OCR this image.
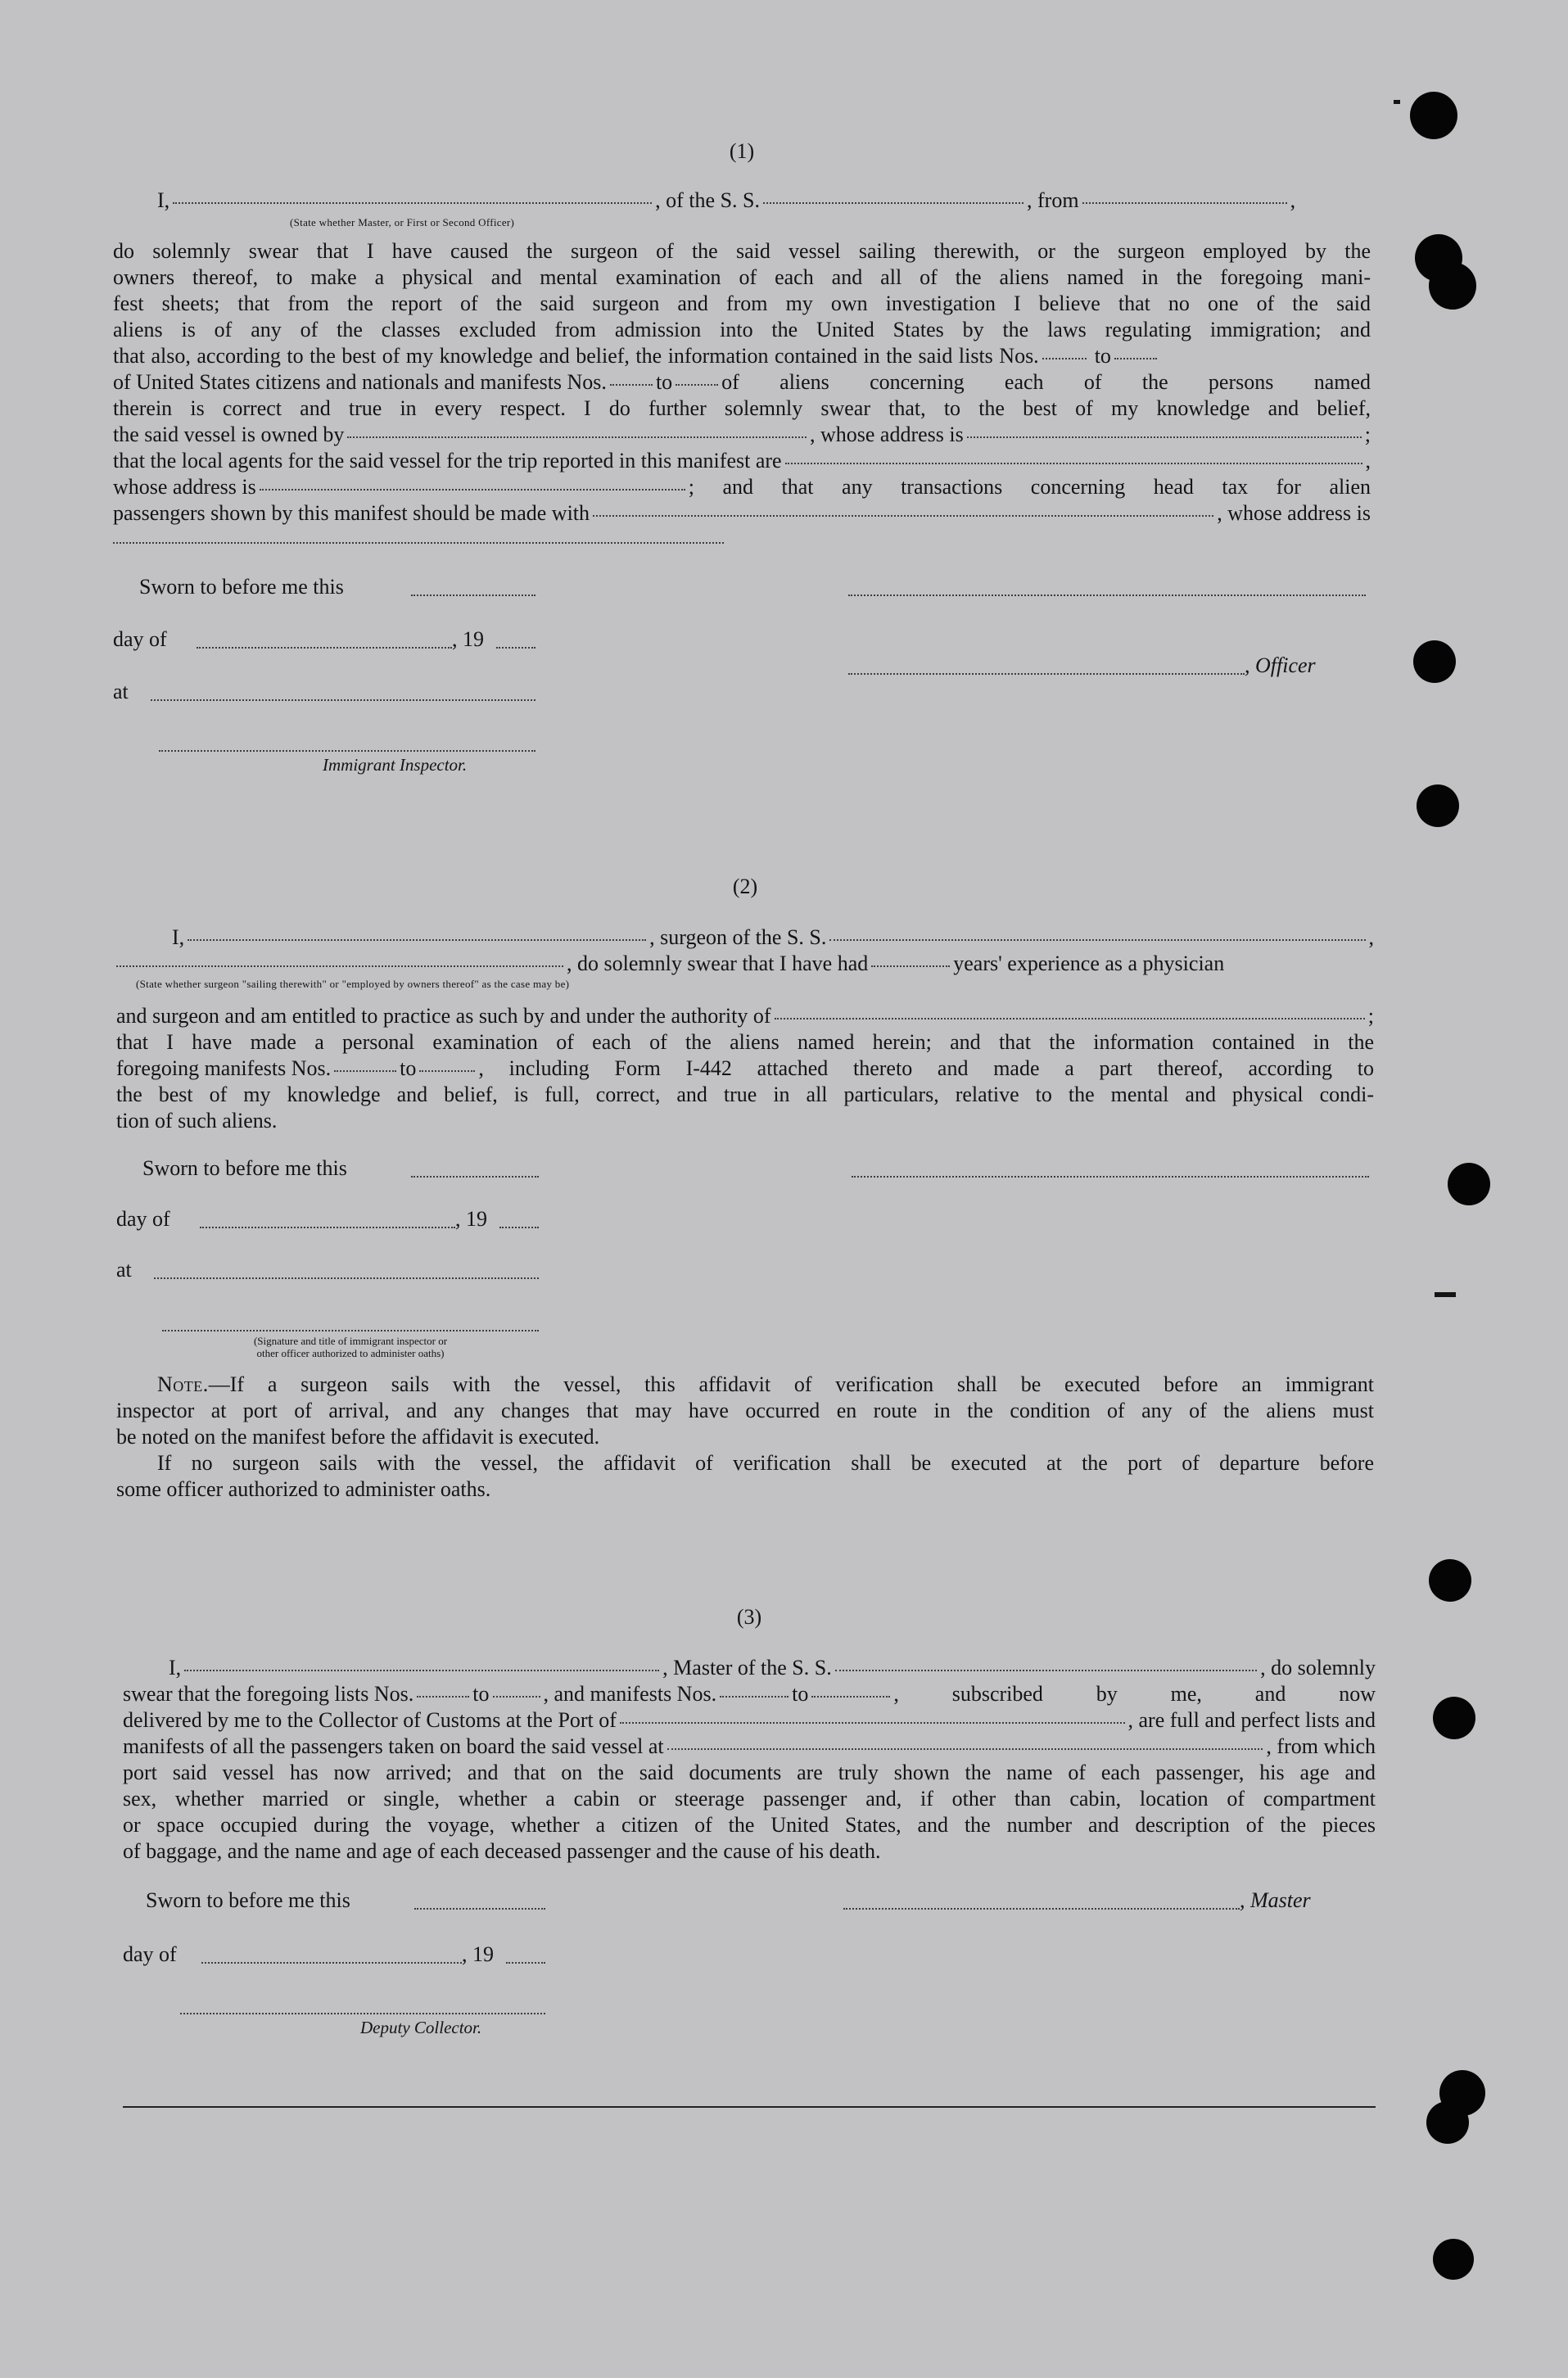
(1)
I,	, of the S. S.	, from	,
(State whether Master, or First or Second Officer)
do solemnly swear that I have caused the surgeon of the said vessel sailing therewith, or the surgeon employed by the
owners thereof, to make a physical and mental examination of each and all of the aliens named in the foregoing mani-
fest sheets; that from the report of the said surgeon and from my own investigation I believe that no one of the said
aliens is of any of the classes excluded from admission into the United States by the laws regulating immigration; and
that also, according to the best of my knowledge and belief, the information contained in the said lists Nos.	to
of United States citizens and nationals and manifests Nos. to of aliens concerning each of the persons named
therein is correct and true in every respect. I do further solemnly swear that, to the best of my knowledge and belief,
the said vessel is owned by	, whose address is	;
that the local agents for the said vessel for the trip reported in this manifest are	,
whose address is	; and that any transactions concerning head tax for alien
passengers shown by this manifest should be made with	, whose address is
Sworn to before me this
day of	, 19
, Officer
at
Immigrant Inspector.
(2)
I,	, surgeon of the S. S.	,
, do solemnly swear that I have had	years' experience as a physician
(State whether surgeon "sailing therewith" or "employed by owners thereof" as the case may be)
and surgeon and am entitled to practice as such by and under the authority of	;
that I have made a personal examination of each of the aliens named herein; and that the information contained in the
foregoing manifests Nos.	to	, including Form I-442 attached thereto and made a part thereof, according to
the best of my knowledge and belief, is full, correct, and true in all particulars, relative to the mental and physical condi-
tion of such aliens.
Sworn to before me this
day of	, 19
at
(Signature and title of immigrant inspector or
other officer authorized to administer oaths)
Note. —If a surgeon sails with the vessel, this affidavit of verification shall be executed before an immigrant
inspector at port of arrival, and any changes that may have occurred en route in the condition of any of the aliens must
be noted on the manifest before the affidavit is executed.
If no surgeon sails with the vessel, the affidavit of verification shall be executed at the port of departure before
some officer authorized to administer oaths.
(3)
I,	, Master of the S. S.	, do solemnly
swear that the foregoing lists Nos.	to	, and manifests Nos.	to	, subscribed by me, and now
delivered by me to the Collector of Customs at the Port of	, are full and perfect lists and
manifests of all the passengers taken on board the said vessel at	, from which
port said vessel has now arrived; and that on the said documents are truly shown the name of each passenger, his age and
sex, whether married or single, whether a cabin or steerage passenger and, if other than cabin, location of compartment
or space occupied during the voyage, whether a citizen of the United States, and the number and description of the pieces
of baggage, and the name and age of each deceased passenger and the cause of his death.
Sworn to before me this	, Master
day of	, 19
Deputy Collector.
